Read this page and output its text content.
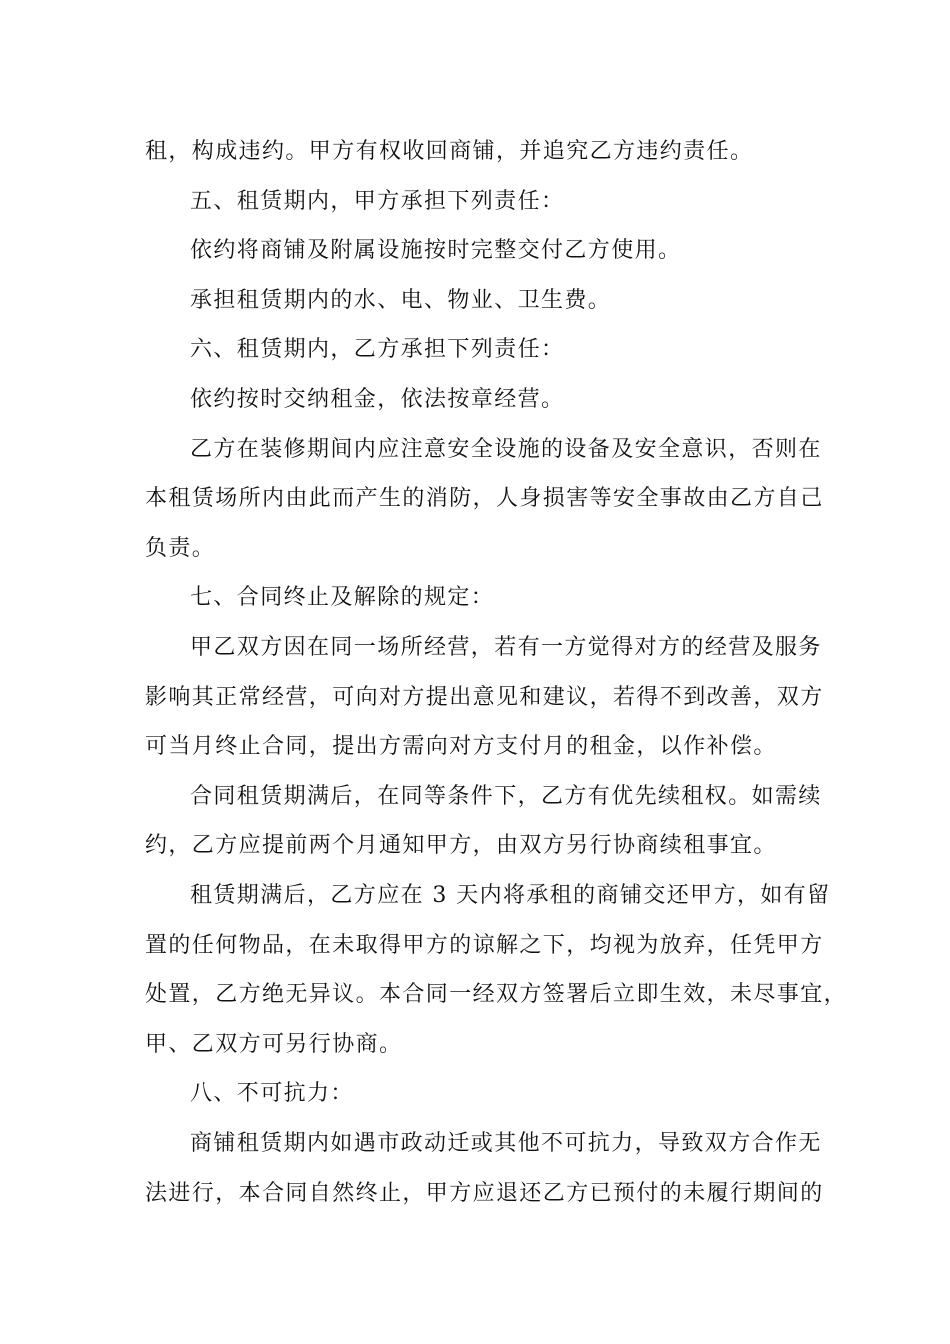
租，构成违约。甲方有权收回商铺，并追究乙方违约责任。
五、租赁期内，甲方承担下列责任：
依约将商铺及附属设施按时完整交付乙方使用。
承担租赁期内的水、电、物业、卫生费。
六、租赁期内，乙方承担下列责任：
依约按时交纳租金，依法按章经营。
乙方在装修期间内应注意安全设施的设备及安全意识，否则在
本租赁场所内由此而产生的消防，人身损害等安全事故由乙方自己
负责。
七、合同终止及解除的规定：
甲乙双方因在同一场所经营，若有一方觉得对方的经营及服务
影响其正常经营，可向对方提出意见和建议，若得不到改善，双方
可当月终止合同，提出方需向对方支付月的租金，以作补偿。
合同租赁期满后，在同等条件下，乙方有优先续租权。如需续
约，乙方应提前两个月通知甲方，由双方另行协商续租事宜。
租赁期满后，乙方应在 3 天内将承租的商铺交还甲方，如有留
置的任何物品，在未取得甲方的谅解之下，均视为放弃，任凭甲方
处置，乙方绝无异议。本合同一经双方签署后立即生效，未尽事宜，
甲、乙双方可另行协商。
八、不可抗力：
商铺租赁期内如遇市政动迁或其他不可抗力，导致双方合作无
法进行，本合同自然终止，甲方应退还乙方已预付的未履行期间的
